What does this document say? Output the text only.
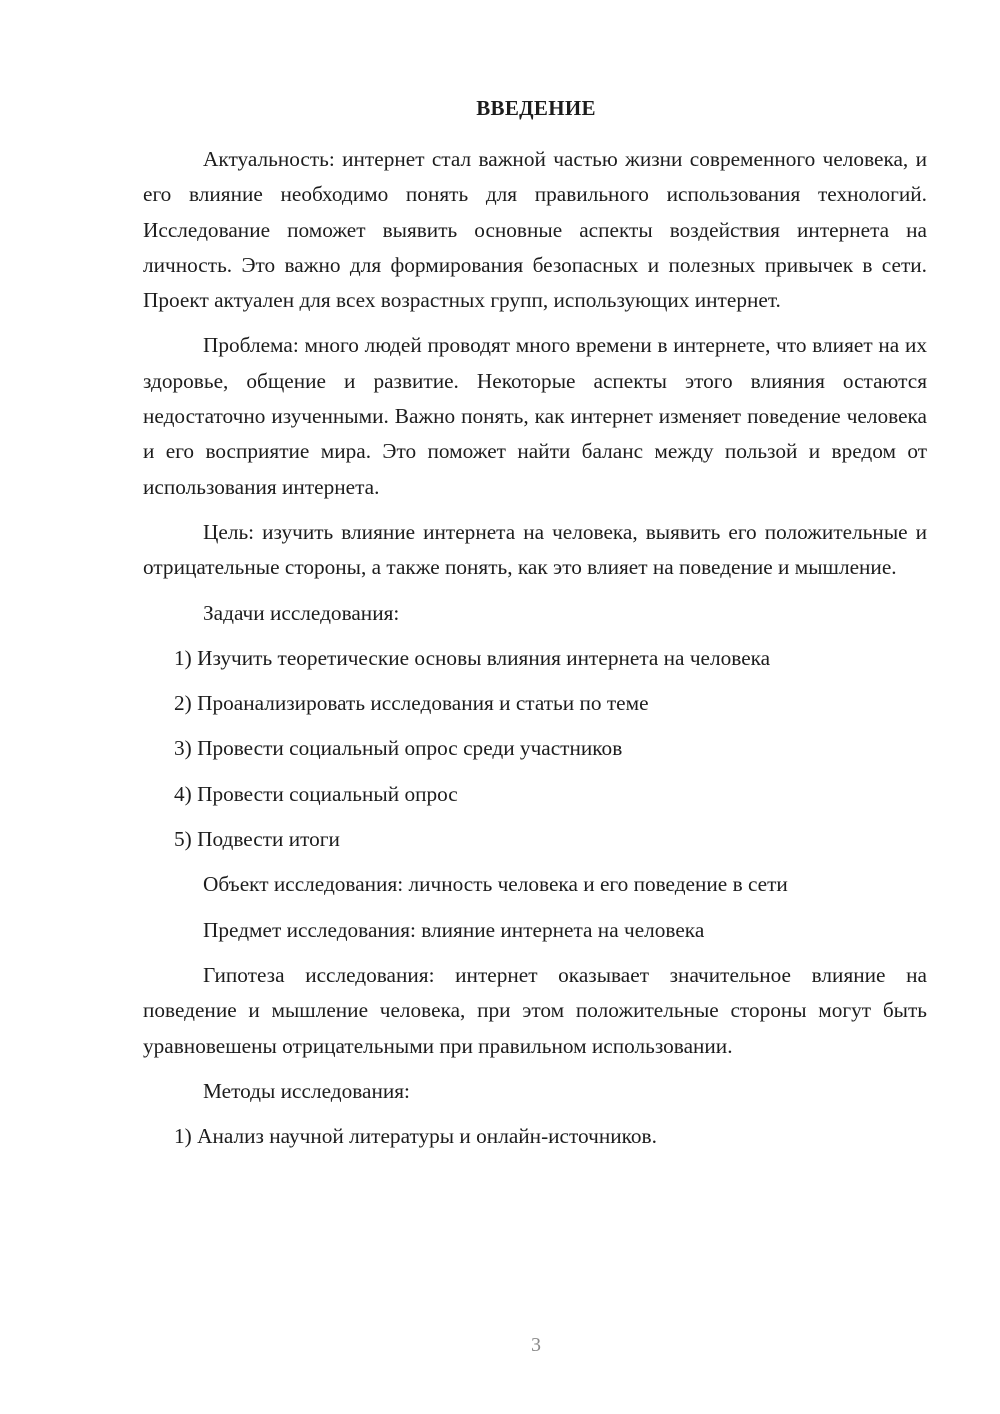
ВВЕДЕНИЕ

Актуальность: интернет стал важной частью жизни современного человека, и его влияние необходимо понять для правильного использования технологий. Исследование поможет выявить основные аспекты воздействия интернета на личность. Это важно для формирования безопасных и полезных привычек в сети. Проект актуален для всех возрастных групп, использующих интернет.

Проблема: много людей проводят много времени в интернете, что влияет на их здоровье, общение и развитие. Некоторые аспекты этого влияния остаются недостаточно изученными. Важно понять, как интернет изменяет поведение человека и его восприятие мира. Это поможет найти баланс между пользой и вредом от использования интернета.

Цель: изучить влияние интернета на человека, выявить его положительные и отрицательные стороны, а также понять, как это влияет на поведение и мышление.

Задачи исследования:

1) Изучить теоретические основы влияния интернета на человека

2) Проанализировать исследования и статьи по теме

3) Провести социальный опрос среди участников

4) Провести социальный опрос

5) Подвести итоги

Объект исследования: личность человека и его поведение в сети

Предмет исследования: влияние интернета на человека

Гипотеза исследования: интернет оказывает значительное влияние на поведение и мышление человека, при этом положительные стороны могут быть уравновешены отрицательными при правильном использовании.

Методы исследования:

1) Анализ научной литературы и онлайн-источников.

3
